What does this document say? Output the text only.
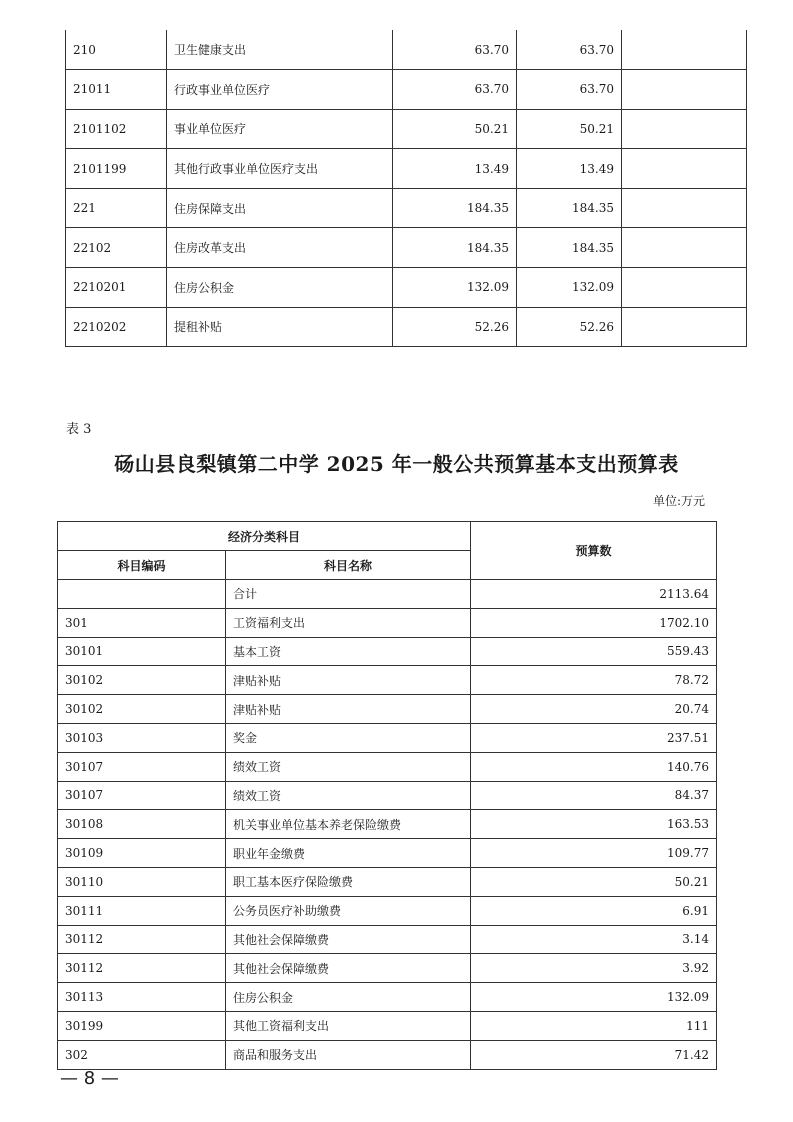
210	卫生健康支出	63.70	63.70	
21011	行政事业单位医疗	63.70	63.70	
2101102	事业单位医疗	50.21	50.21	
2101199	其他行政事业单位医疗支出	13.49	13.49	
221	住房保障支出	184.35	184.35	
22102	住房改革支出	184.35	184.35	
2210201	住房公积金	132.09	132.09	
2210202	提租补贴	52.26	52.26	
表 3
砀山县良梨镇第二中学 2025 年一般公共预算基本支出预算表
单位:万元
经济分类科目		预算数
科目编码	科目名称	
	合计	2113.64
301	工资福利支出	1702.10
30101	基本工资	559.43
30102	津贴补贴	78.72
30102	津贴补贴	20.74
30103	奖金	237.51
30107	绩效工资	140.76
30107	绩效工资	84.37
30108	机关事业单位基本养老保险缴费	163.53
30109	职业年金缴费	109.77
30110	职工基本医疗保险缴费	50.21
30111	公务员医疗补助缴费	6.91
30112	其他社会保障缴费	3.14
30112	其他社会保障缴费	3.92
30113	住房公积金	132.09
30199	其他工资福利支出	111
302	商品和服务支出	71.42
— 8 —
